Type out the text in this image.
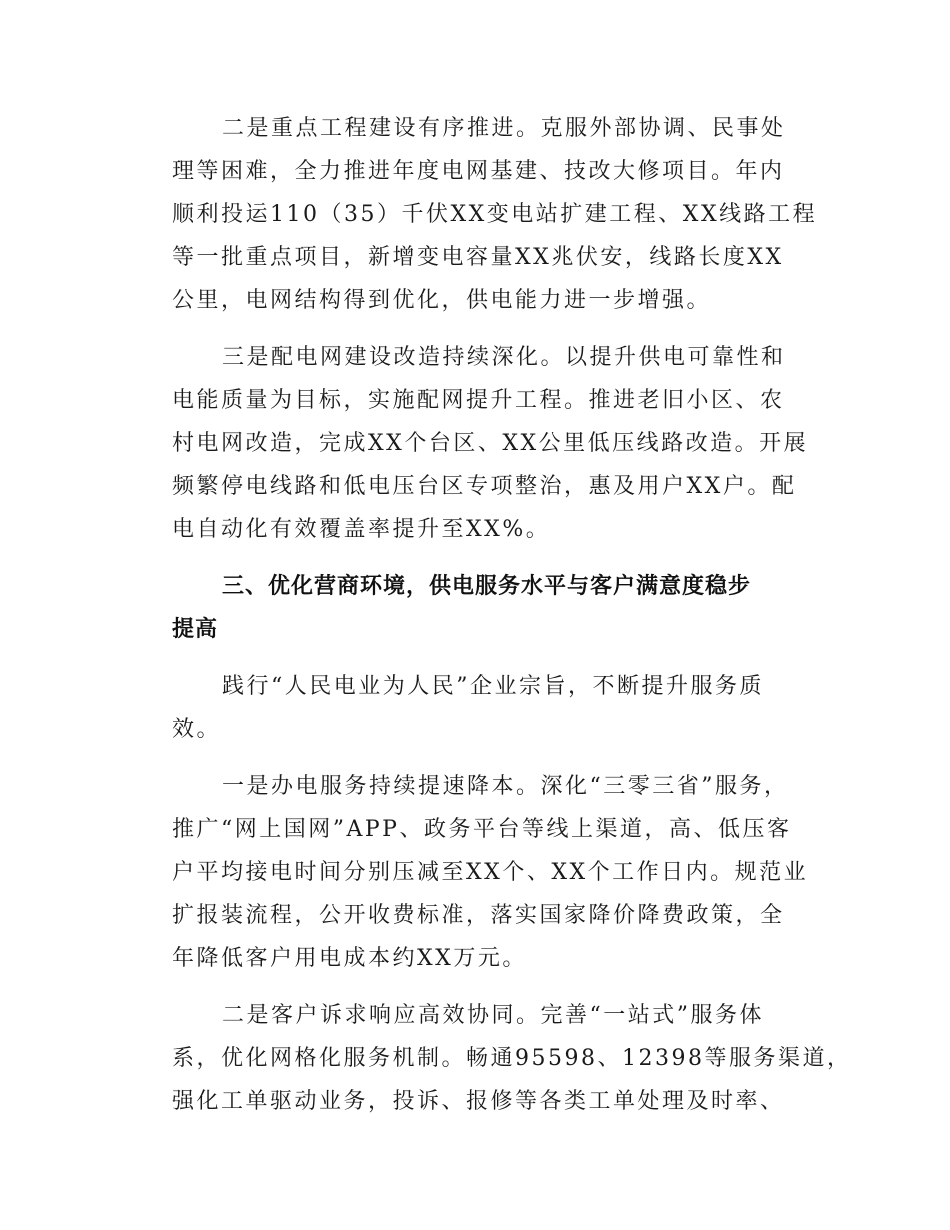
二是重点工程建设有序推进。克服外部协调、民事处
理等困难，全力推进年度电网基建、技改大修项目。年内
顺利投运110（35）千伏XX变电站扩建工程、XX线路工程
等一批重点项目，新增变电容量XX兆伏安，线路长度XX
公里，电网结构得到优化，供电能力进一步增强。
三是配电网建设改造持续深化。以提升供电可靠性和
电能质量为目标，实施配网提升工程。推进老旧小区、农
村电网改造，完成XX个台区、XX公里低压线路改造。开展
频繁停电线路和低电压台区专项整治，惠及用户XX户。配
电自动化有效覆盖率提升至XX%。
三、优化营商环境，供电服务水平与客户满意度稳步
提高
践行“人民电业为人民”企业宗旨，不断提升服务质
效。
一是办电服务持续提速降本。深化“三零三省”服务，
推广“网上国网”APP、政务平台等线上渠道，高、低压客
户平均接电时间分别压减至XX个、XX个工作日内。规范业
扩报装流程，公开收费标准，落实国家降价降费政策，全
年降低客户用电成本约XX万元。
二是客户诉求响应高效协同。完善“一站式”服务体
系，优化网格化服务机制。畅通95598、12398等服务渠道，
强化工单驱动业务，投诉、报修等各类工单处理及时率、
